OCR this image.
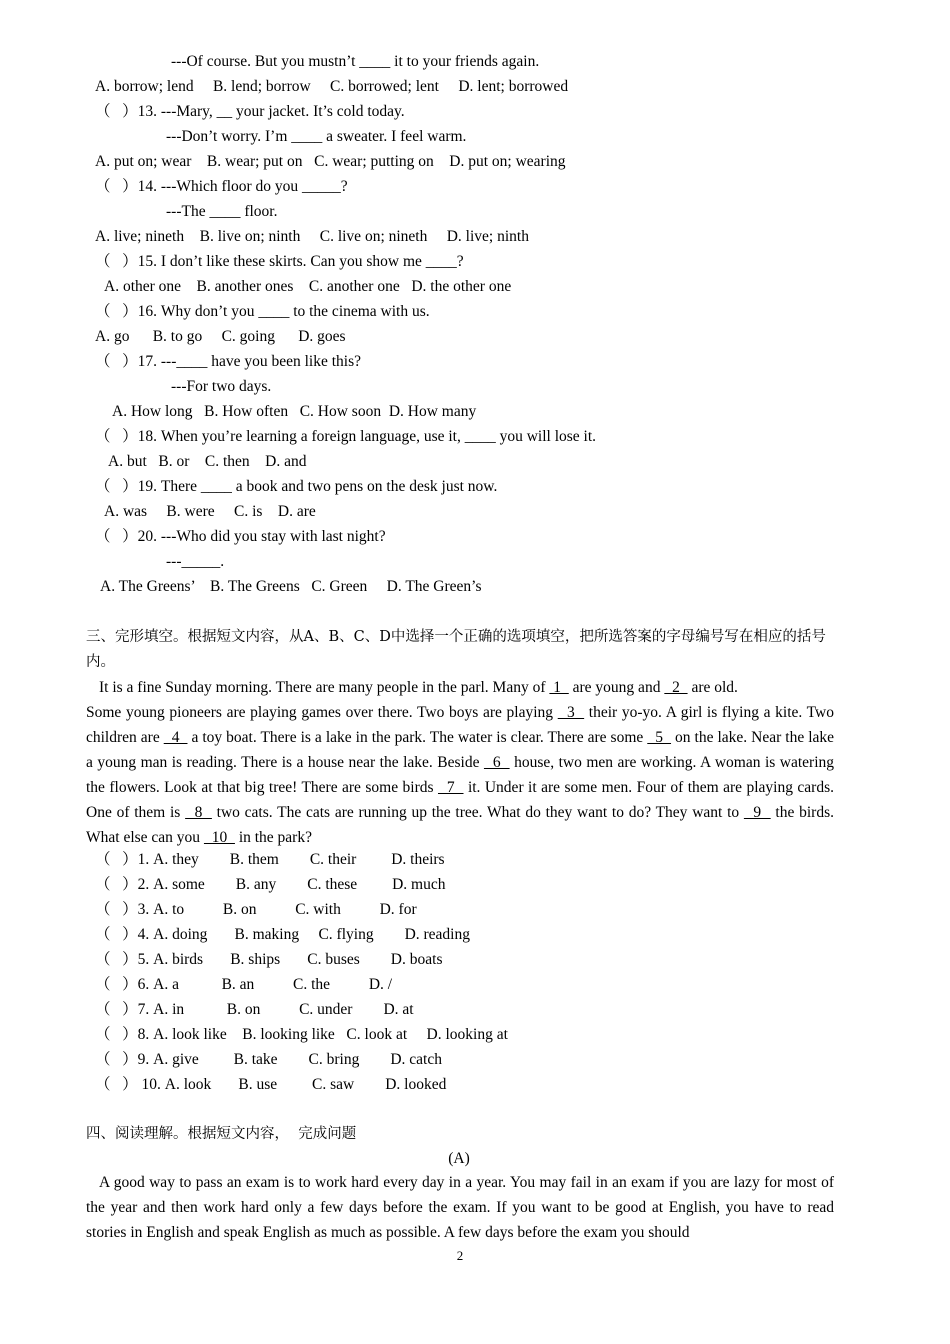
---Of course. But you mustn’t ____ it to your friends again.
A. borrow; lend     B. lend; borrow     C. borrowed; lent     D. lent; borrowed
（   ）13. ---Mary, __ your jacket. It’s cold today.
---Don’t worry. I’m ____ a sweater. I feel warm.
A. put on; wear    B. wear; put on   C. wear; putting on    D. put on; wearing
（   ）14. ---Which floor do you _____?
---The ____ floor.
A. live; nineth    B. live on; ninth     C. live on; nineth     D. live; ninth
（   ）15. I don’t like these skirts. Can you show me ____?
A. other one    B. another ones    C. another one   D. the other one
（   ）16. Why don’t you ____ to the cinema with us.
A. go      B. to go     C. going      D. goes
（   ）17. ---____ have you been like this?
---For two days.
A. How long   B. How often   C. How soon  D. How many
（   ）18. When you’re learning a foreign language, use it, ____ you will lose it.
A. but   B. or    C. then    D. and
（   ）19. There ____ a book and two pens on the desk just now.
A. was     B. were     C. is    D. are
（   ）20. ---Who did you stay with last night?
---_____.
A. The Greens’    B. The Greens   C. Green     D. The Green’s
三、完形填空。根据短文内容，从A、B、C、D中选择一个正确的选项填空，把所选答案的字母编号写在相应的括号内。
It is a fine Sunday morning. There are many people in the parl. Many of  1   are young and   2   are old.
Some young pioneers are playing games over there. Two boys are playing   3   their yo-yo. A girl is flying a kite. Two children are   4   a toy boat. There is a lake in the park. The water is clear. There are some   5   on the lake. Near the lake a young man is reading. There is a house near the lake. Beside   6   house, two men are working. A woman is watering the flowers. Look at that big tree! There are some birds   7   it. Under it are some men. Four of them are playing cards. One of them is   8   two cats. The cats are running up the tree. What do they want to do? They want to   9   the birds. What else can you   10   in the park?
（   ）1. A. they        B. them        C. their         D. theirs
（   ）2. A. some        B. any        C. these         D. much
（   ）3. A. to          B. on          C. with          D. for
（   ）4. A. doing       B. making     C. flying        D. reading
（   ）5. A. birds       B. ships       C. buses        D. boats
（   ）6. A. a           B. an          C. the          D. /
（   ）7. A. in           B. on          C. under        D. at
（   ）8. A. look like    B. looking like   C. look at     D. looking at
（   ）9. A. give         B. take        C. bring        D. catch
（   ） 10. A. look       B. use         C. saw        D. looked
四、阅读理解。根据短文内容，  完成问题
(A)
A good way to pass an exam is to work hard every day in a year. You may fail in an exam if you are lazy for most of the year and then work hard only a few days before the exam. If you want to be good at English, you have to read stories in English and speak English as much as possible. A few days before the exam you should
2
